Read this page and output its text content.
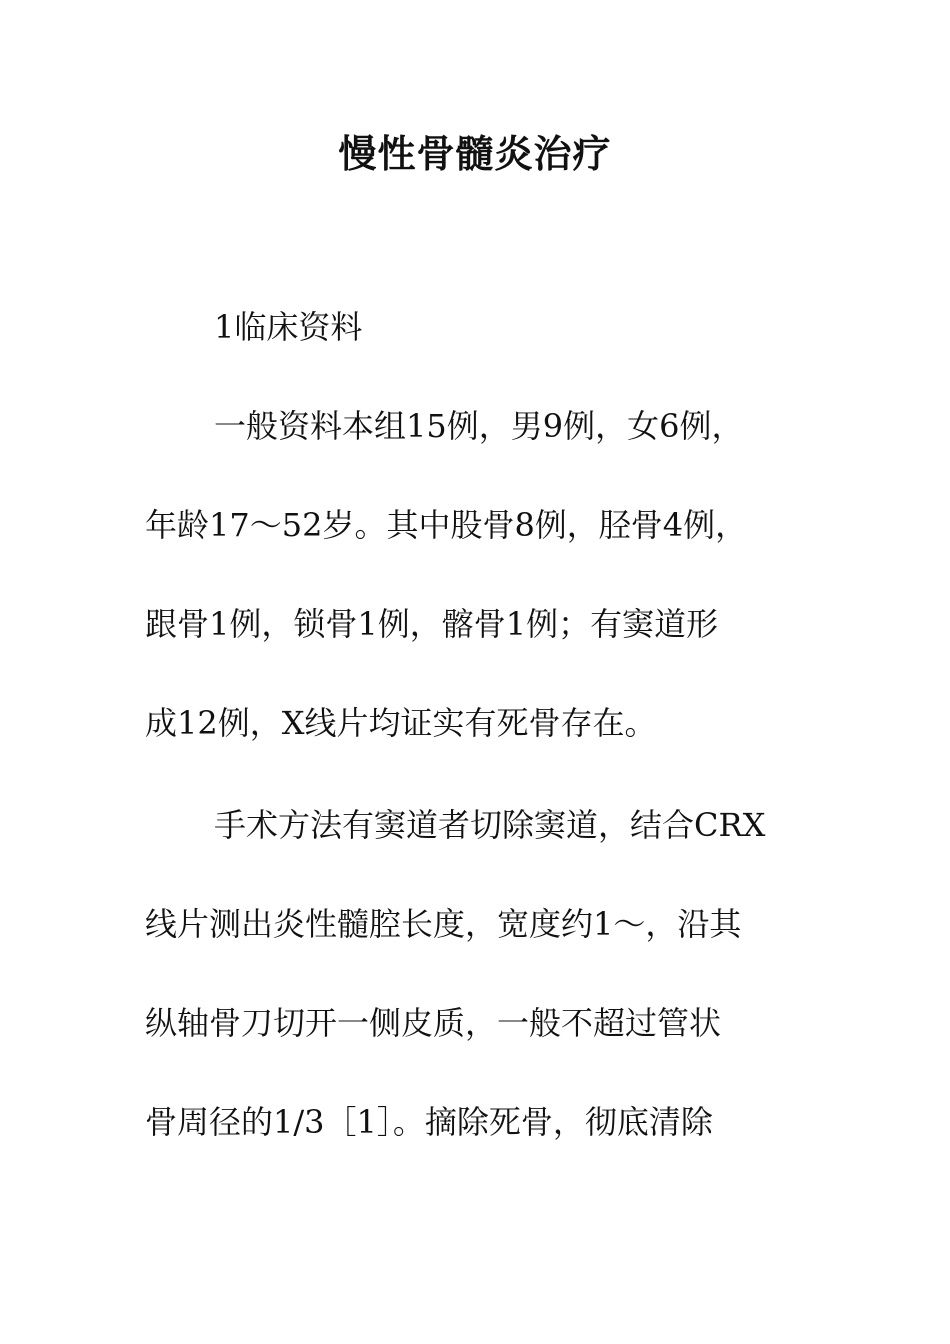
慢性骨髓炎治疗
1临床资料
一般资料本组15例，男9例，女6例，
年龄17～52岁。其中股骨8例，胫骨4例，
跟骨1例，锁骨1例，髂骨1例；有窦道形
成12例，X线片均证实有死骨存在。
手术方法有窦道者切除窦道，结合CRX
线片测出炎性髓腔长度，宽度约1～，沿其
纵轴骨刀切开一侧皮质，一般不超过管状
骨周径的1/3［1］。摘除死骨，彻底清除
